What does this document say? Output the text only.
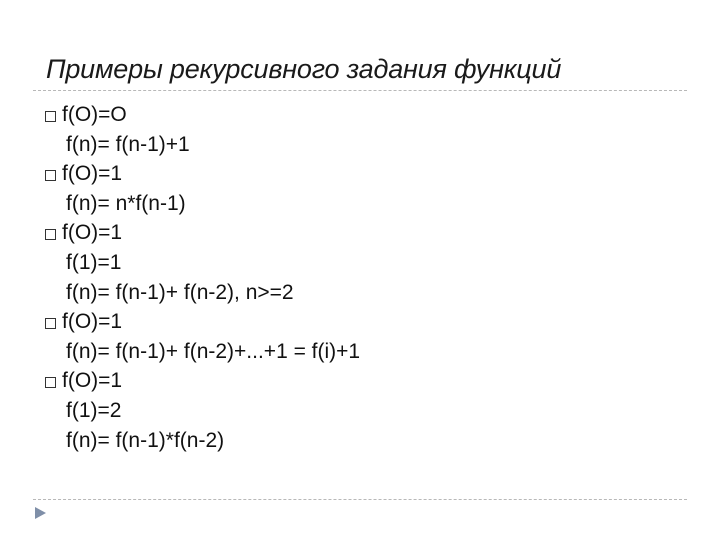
Примеры рекурсивного задания функций
f(O)=O
f(n)= f(n-1)+1
f(O)=1
f(n)= n*f(n-1)
f(O)=1
f(1)=1
f(n)= f(n-1)+ f(n-2), n>=2
f(O)=1
f(n)= f(n-1)+ f(n-2)+...+1 = f(i)+1
f(O)=1
f(1)=2
f(n)= f(n-1)*f(n-2)
